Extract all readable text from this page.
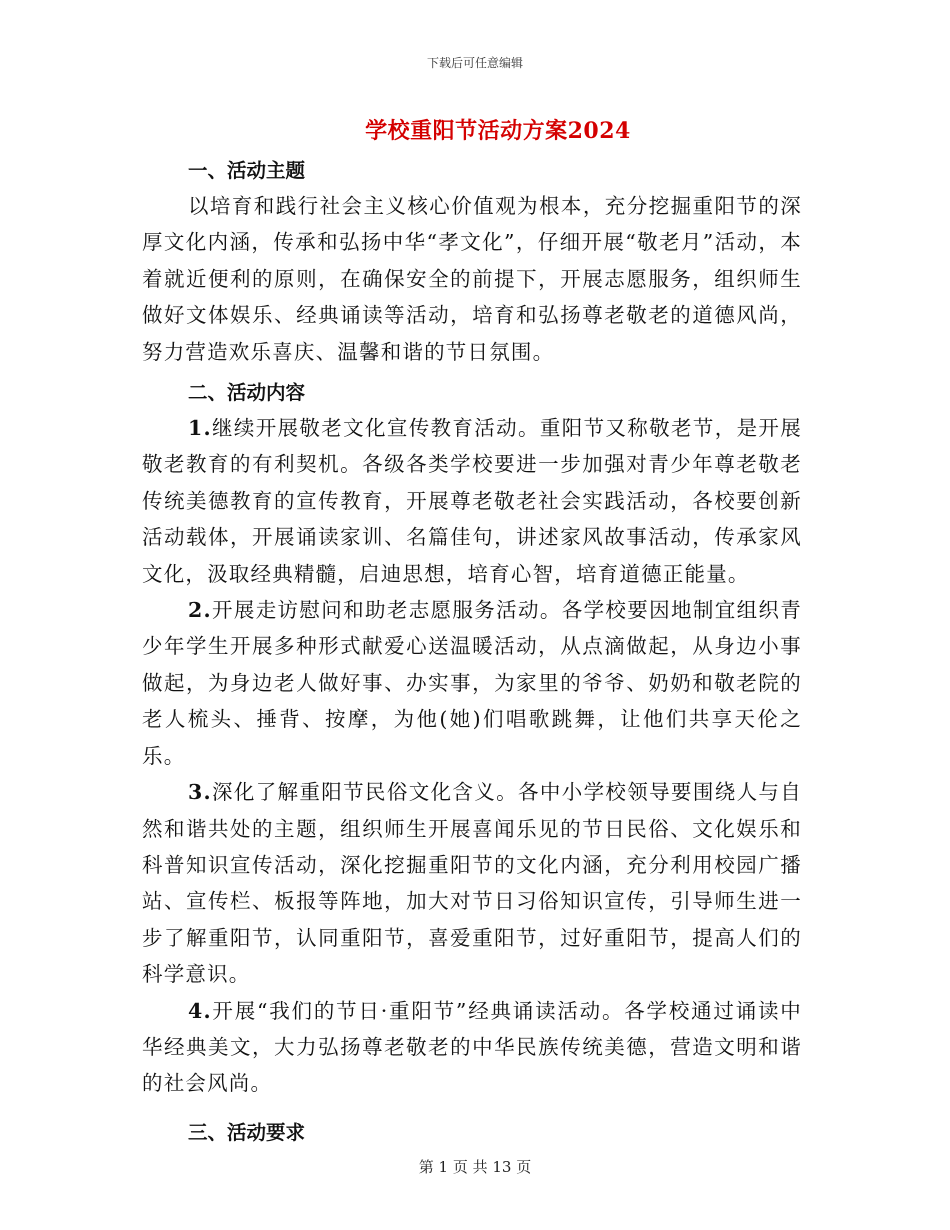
下载后可任意编辑
学校重阳节活动方案2024
一、活动主题

以培育和践行社会主义核心价值观为根本，充分挖掘重阳节的深厚文化内涵，传承和弘扬中华“孝文化”，仔细开展“敬老月”活动，本着就近便利的原则，在确保安全的前提下，开展志愿服务，组织师生做好文体娱乐、经典诵读等活动，培育和弘扬尊老敬老的道德风尚，努力营造欢乐喜庆、温馨和谐的节日氛围。

二、活动内容

1.继续开展敬老文化宣传教育活动。重阳节又称敬老节，是开展敬老教育的有利契机。各级各类学校要进一步加强对青少年尊老敬老传统美德教育的宣传教育，开展尊老敬老社会实践活动，各校要创新活动载体，开展诵读家训、名篇佳句，讲述家风故事活动，传承家风文化，汲取经典精髓，启迪思想，培育心智，培育道德正能量。

2.开展走访慰问和助老志愿服务活动。各学校要因地制宜组织青少年学生开展多种形式献爱心送温暖活动，从点滴做起，从身边小事做起，为身边老人做好事、办实事，为家里的爷爷、奶奶和敬老院的老人梳头、捶背、按摩，为他(她)们唱歌跳舞，让他们共享天伦之乐。

3.深化了解重阳节民俗文化含义。各中小学校领导要围绕人与自然和谐共处的主题，组织师生开展喜闻乐见的节日民俗、文化娱乐和科普知识宣传活动，深化挖掘重阳节的文化内涵，充分利用校园广播站、宣传栏、板报等阵地，加大对节日习俗知识宣传，引导师生进一步了解重阳节，认同重阳节，喜爱重阳节，过好重阳节，提高人们的科学意识。

4.开展“我们的节日·重阳节”经典诵读活动。各学校通过诵读中华经典美文，大力弘扬尊老敬老的中华民族传统美德，营造文明和谐的社会风尚。

三、活动要求
第 1 页 共 13 页
